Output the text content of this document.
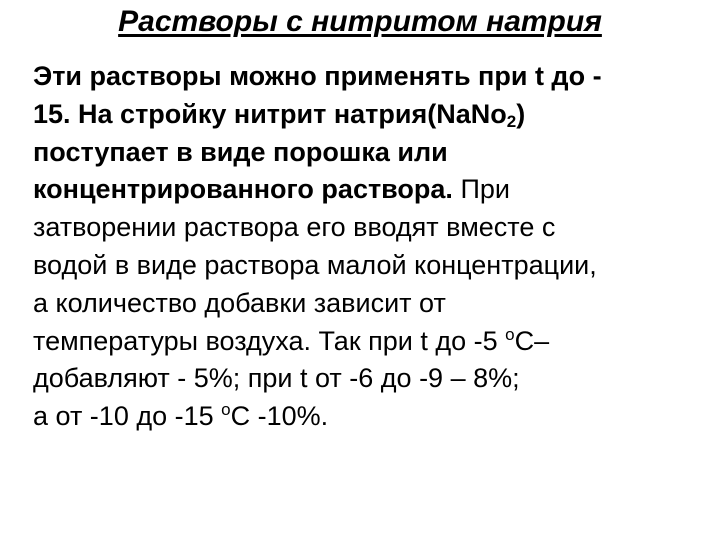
Растворы с нитритом натрия
Эти растворы можно применять при t до -
15. На стройку нитрит натрия(NaNo$_2$)
поступает в виде порошка или
концентрированного раствора. При
затворении раствора его вводят вместе с
водой в виде раствора малой концентрации,
а количество добавки зависит от
температуры воздуха. Так при t до -5 $^о$С–
добавляют - 5%; при t от -6 до -9 – 8%;
а от -10 до -15 $^о$С -10%.
